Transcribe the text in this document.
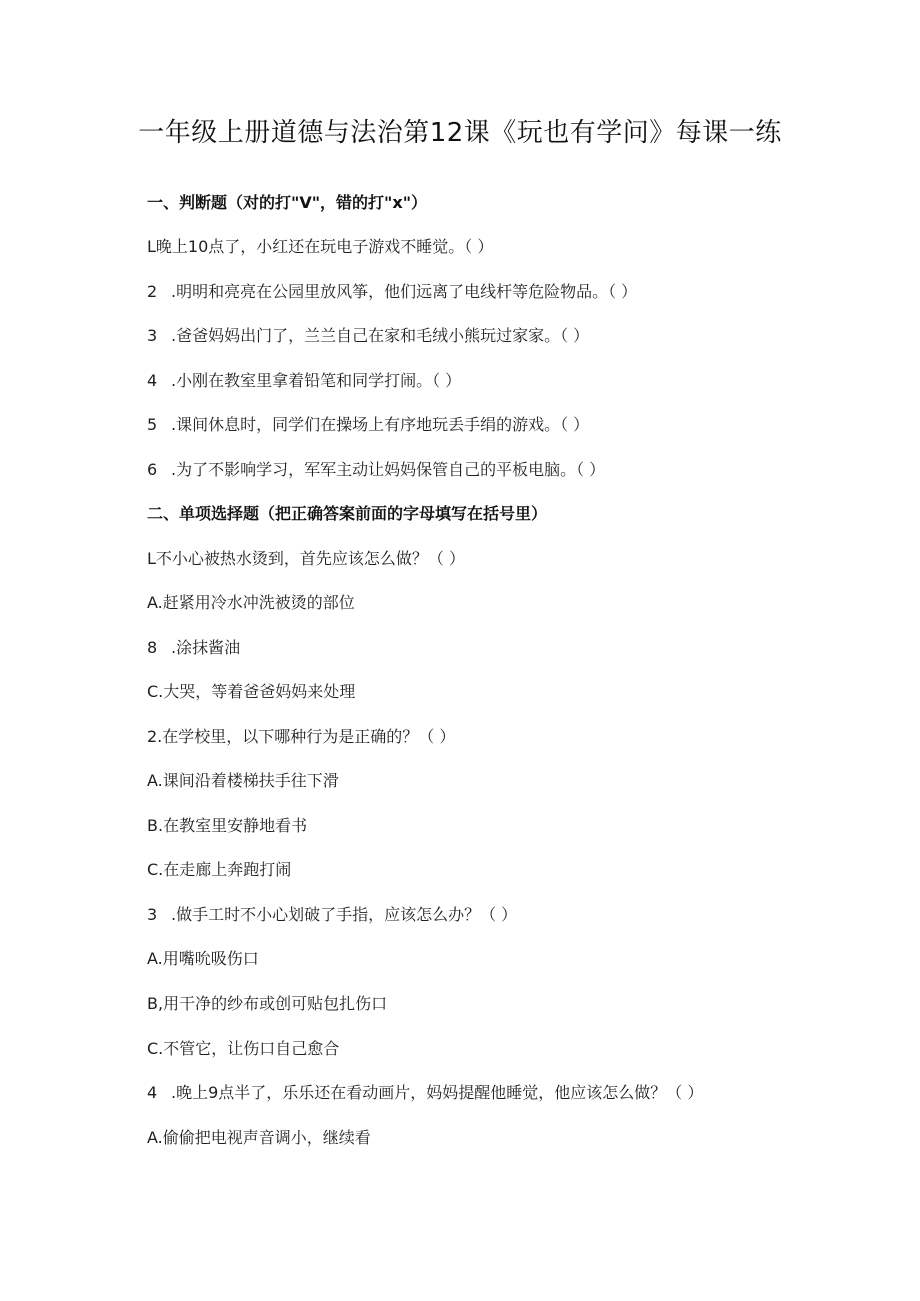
一年级上册道德与法治第12课《玩也有学问》每课一练
一、判断题（对的打"V"，错的打"x"）
L晚上10点了，小红还在玩电子游戏不睡觉。（ ）
2 .明明和亮亮在公园里放风筝，他们远离了电线杆等危险物品。（ ）
3 .爸爸妈妈出门了，兰兰自己在家和毛绒小熊玩过家家。（ ）
4 .小刚在教室里拿着铅笔和同学打闹。（ ）
5 .课间休息时，同学们在操场上有序地玩丢手绢的游戏。（ ）
6 .为了不影响学习，军军主动让妈妈保管自己的平板电脑。（ ）
二、单项选择题（把正确答案前面的字母填写在括号里）
L不小心被热水烫到，首先应该怎么做？（ ）
A.赶紧用冷水冲洗被烫的部位
8 .涂抹酱油
C.大哭，等着爸爸妈妈来处理
2.在学校里，以下哪种行为是正确的？（ ）
A.课间沿着楼梯扶手往下滑
B.在教室里安静地看书
C.在走廊上奔跑打闹
3 .做手工时不小心划破了手指，应该怎么办？（ ）
A.用嘴吮吸伤口
B,用干净的纱布或创可贴包扎伤口
C.不管它，让伤口自己愈合
4 .晚上9点半了，乐乐还在看动画片，妈妈提醒他睡觉，他应该怎么做？（ ）
A.偷偷把电视声音调小，继续看
